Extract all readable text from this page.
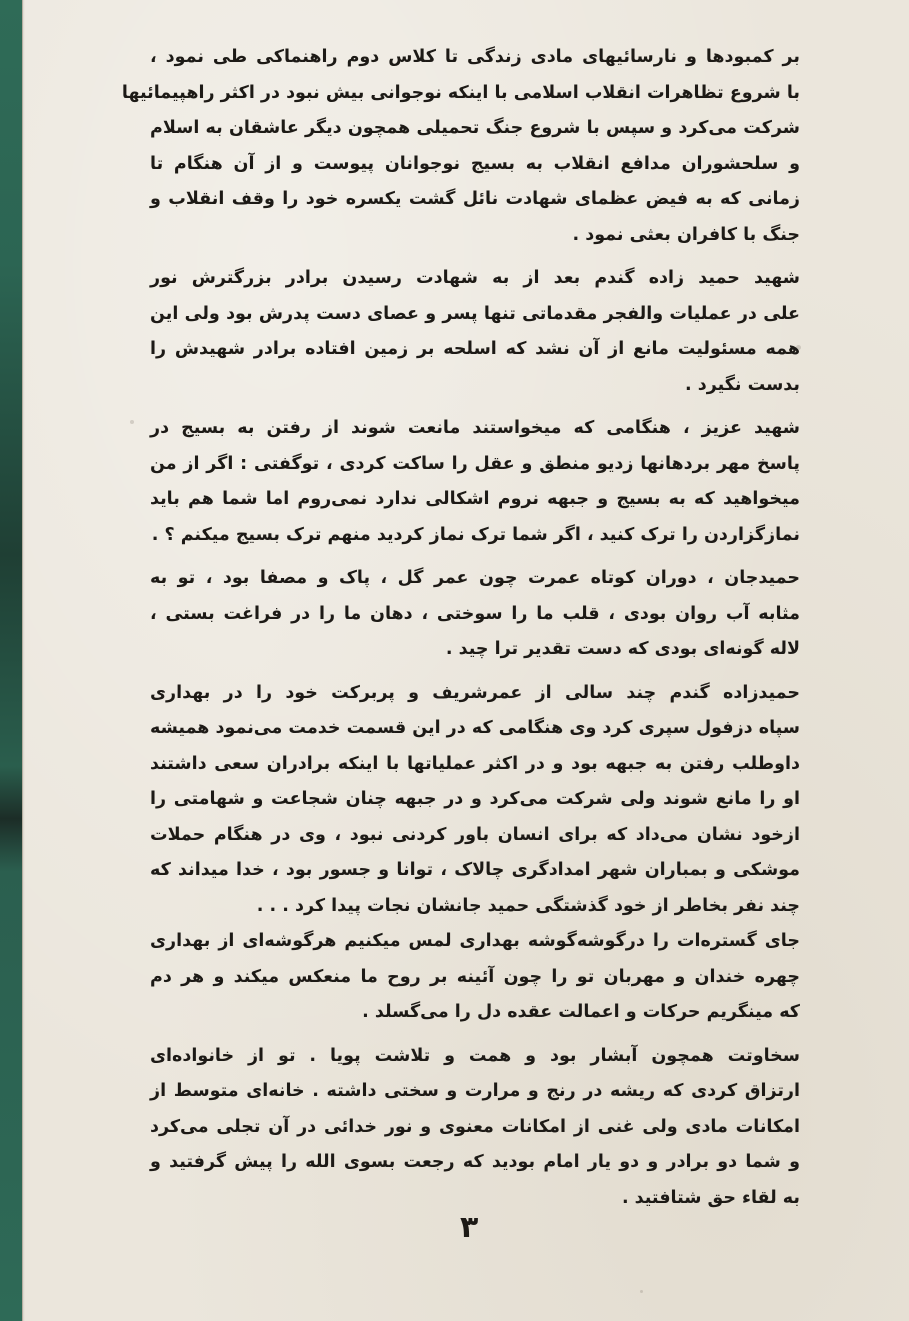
بر کمبودها و نارسائیهای مادی زندگی تا کلاس دوم راهنماکی طی نمود ،
با شروع تظاهرات انقلاب اسلامی با اینکه نوجوانی بیش نبود در اکثر راهپیمائیها
شرکت می‌کرد و سپس با شروع جنگ تحمیلی همچون دیگر عاشقان به اسلام
و سلحشوران مدافع انقلاب به بسیج نوجوانان پیوست و از آن هنگام تا
زمانی که به فیض عظمای شهادت نائل گشت یکسره خود را وقف انقلاب و
جنگ با کافران بعثی نمود .

شهید حمید زاده گندم بعد از به شهادت رسیدن برادر بزرگترش نور
علی در عملیات والفجر مقدماتی تنها پسر و عصای دست پدرش بود ولی این
همه مسئولیت مانع از آن نشد که اسلحه بر زمین افتاده برادر شهیدش را
بدست نگیرد .

شهید عزیز ، هنگامی که میخواستند مانعت شوند از رفتن به بسیج در
پاسخ مهر بردهانها زدیو منطق و عقل را ساکت کردی ، توگفتی : اگر از من
میخواهید که به بسیج و جبهه نروم اشکالی ندارد نمی‌روم اما شما هم باید
نمازگزاردن را ترک کنید ، اگر شما ترک نماز کردید منهم ترک بسیج میکنم ؟ .

حمیدجان ، دوران کوتاه عمرت چون عمر گل ، پاک و مصفا بود ، تو به
مثابه آب روان بودی ، قلب ما را سوختی ، دهان ما را در فراغت بستی ،
لاله گونه‌ای بودی که دست تقدیر ترا چید .

حمیدزاده گندم چند سالی از عمرشریف و پربرکت خود را در بهداری
سپاه دزفول سپری کرد وی هنگامی که در این قسمت خدمت می‌نمود همیشه
داوطلب رفتن به جبهه بود و در اکثر عملیاتها با اینکه برادران سعی داشتند
او را مانع شوند ولی شرکت می‌کرد و در جبهه چنان شجاعت و شهامتی را
ازخود نشان می‌داد که برای انسان باور کردنی نبود ، وی در هنگام حملات
موشکی و بمباران شهر امدادگری چالاک ، توانا و جسور بود ، خدا میداند که
چند نفر بخاطر از خود گذشتگی حمید جانشان نجات پیدا کرد . . .

جای گستره‌ات را درگوشه‌گوشه بهداری لمس میکنیم هرگوشه‌ای از بهداری
چهره خندان و مهربان تو را چون آئینه بر روح ما منعکس میکند و هر دم
که مینگریم حرکات و اعمالت عقده دل را می‌گسلد .

سخاوتت همچون آبشار بود و همت و تلاشت پویا . تو از خانواده‌ای
ارتزاق کردی که ریشه در رنج و مرارت و سختی داشته . خانه‌ای متوسط از
امکانات مادی ولی غنی از امکانات معنوی و نور خدائی در آن تجلی می‌کرد
و شما دو برادر و دو یار امام بودید که رجعت بسوی الله را پیش گرفتید و
به لقاء حق شتافتید .

۳
